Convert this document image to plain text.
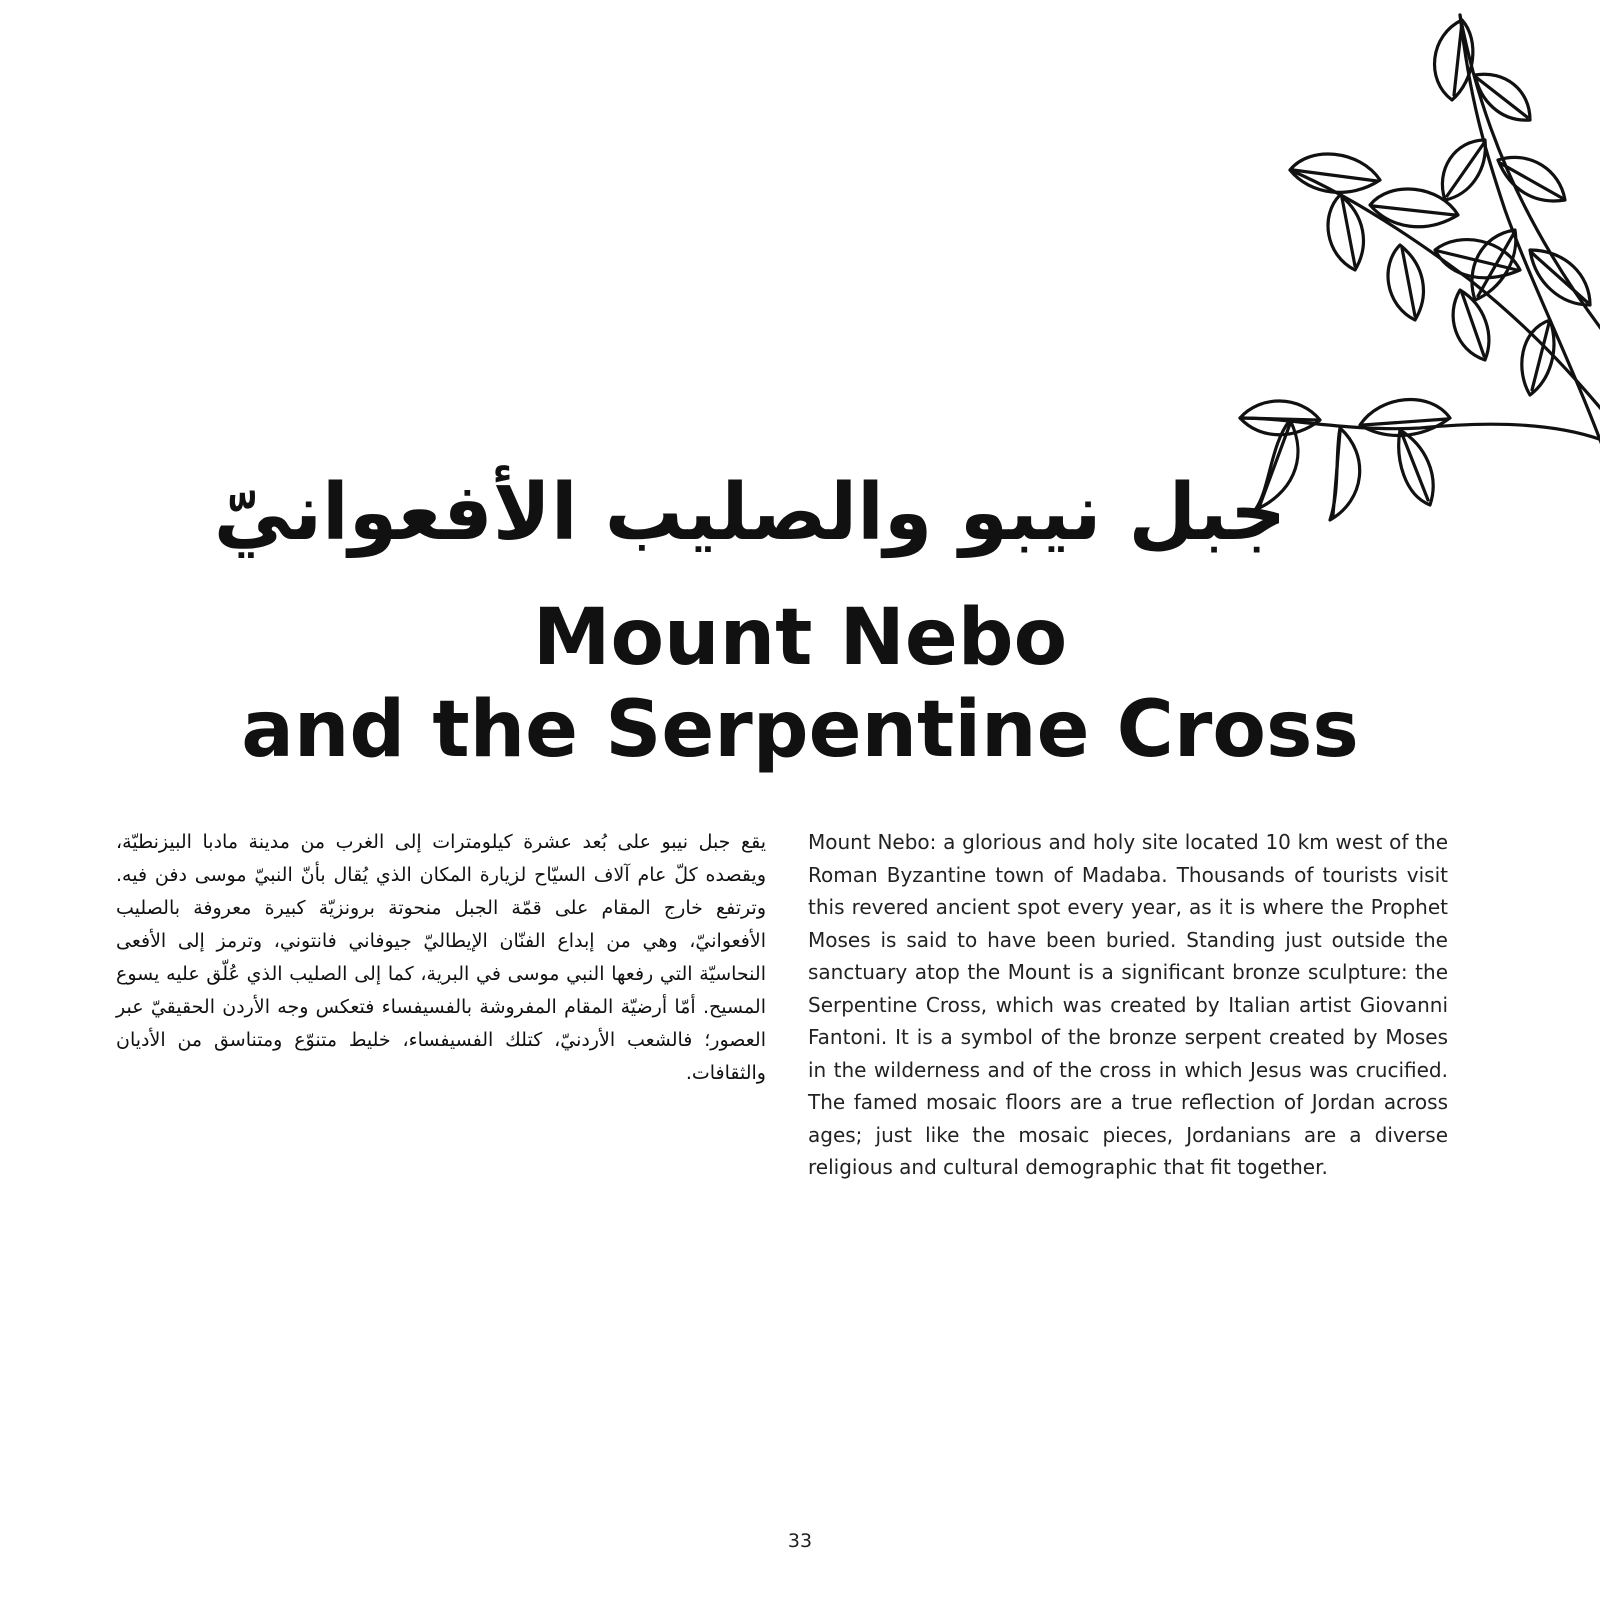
جبل نيبو والصليب الأفعوانيّ
Mount Nebo
and the Serpentine Cross

يقع جبل نيبو على بُعد عشرة كيلومترات إلى الغرب من مدينة مادبا البيزنطيّة، ويقصده كلّ عام آلاف السيّاح لزيارة المكان الذي يُقال بأنّ النبيّ موسى دفن فيه. وترتفع خارج المقام على قمّة الجبل منحوتة برونزيّة كبيرة معروفة بالصليب الأفعوانيّ، وهي من إبداع الفنّان الإيطاليّ جيوفاني فانتوني، وترمز إلى الأفعى النحاسيّة التي رفعها النبي موسى في البرية، كما إلى الصليب الذي عُلّق عليه يسوع المسيح. أمّا أرضيّة المقام المفروشة بالفسيفساء فتعكس وجه الأردن الحقيقيّ عبر العصور؛ فالشعب الأردنيّ، كتلك الفسيفساء، خليط متنوّع ومتناسق من الأديان والثقافات.

Mount Nebo: a glorious and holy site located 10 km west of the Roman Byzantine town of Madaba. Thousands of tourists visit this revered ancient spot every year, as it is where the Prophet Moses is said to have been buried. Standing just outside the sanctuary atop the Mount is a significant bronze sculpture: the Serpentine Cross, which was created by Italian artist Giovanni Fantoni. It is a symbol of the bronze serpent created by Moses in the wilderness and of the cross in which Jesus was crucified. The famed mosaic floors are a true reflection of Jordan across ages; just like the mosaic pieces, Jordanians are a diverse religious and cultural demographic that fit together.

33
